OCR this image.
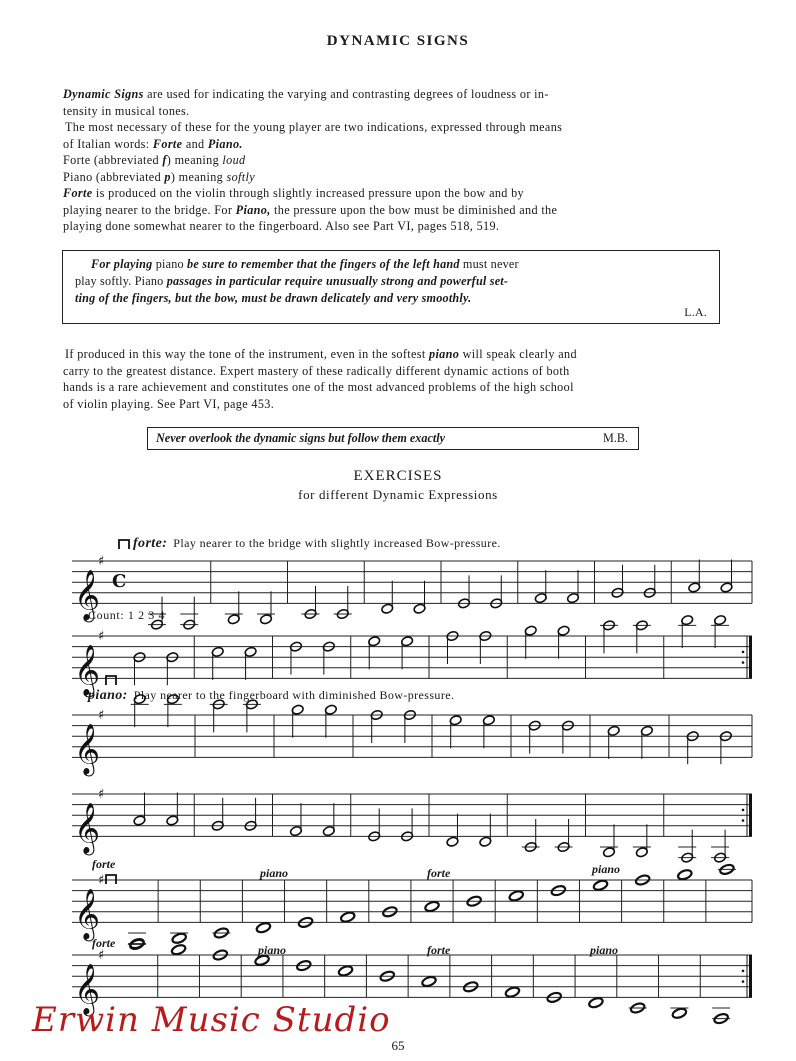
DYNAMIC SIGNS
Dynamic Signs are used for indicating the varying and contrasting degrees of loudness or in-
tensity in musical tones.
The most necessary of these for the young player are two indications, expressed through means
of Italian words: Forte and Piano.
Forte (abbreviated f) meaning loud
Piano (abbreviated p) meaning softly
Forte is produced on the violin through slightly increased pressure upon the bow and by
playing nearer to the bridge. For Piano, the pressure upon the bow must be diminished and the
playing done somewhat nearer to the fingerboard. Also see Part VI, pages 518, 519.
For playing piano be sure to remember that the fingers of the left hand must never
play softly. Piano passages in particular require unusually strong and powerful set-
ting of the fingers, but the bow, must be drawn delicately and very smoothly.
L.A.
If produced in this way the tone of the instrument, even in the softest piano will speak clearly and
carry to the greatest distance. Expert mastery of these radically different dynamic actions of both
hands is a rare achievement and constitutes one of the most advanced problems of the high school
of violin playing. See Part VI, page 453.
Never overlook the dynamic signs but follow them exactly	M.B.
EXERCISES
for different Dynamic Expressions
forte: Play nearer to the bridge with slightly increased Bow-pressure.
Count: 1 2 3 4
piano: Play nearer to the fingerboard with diminished Bow-pressure.
forte
piano	forte	piano
forte	piano	forte	piano
𝄞
♯
C
𝄞
♯
𝄞
♯
𝄞
♯
𝄞
♯
𝄞
♯
Erwin Music Studio
65
